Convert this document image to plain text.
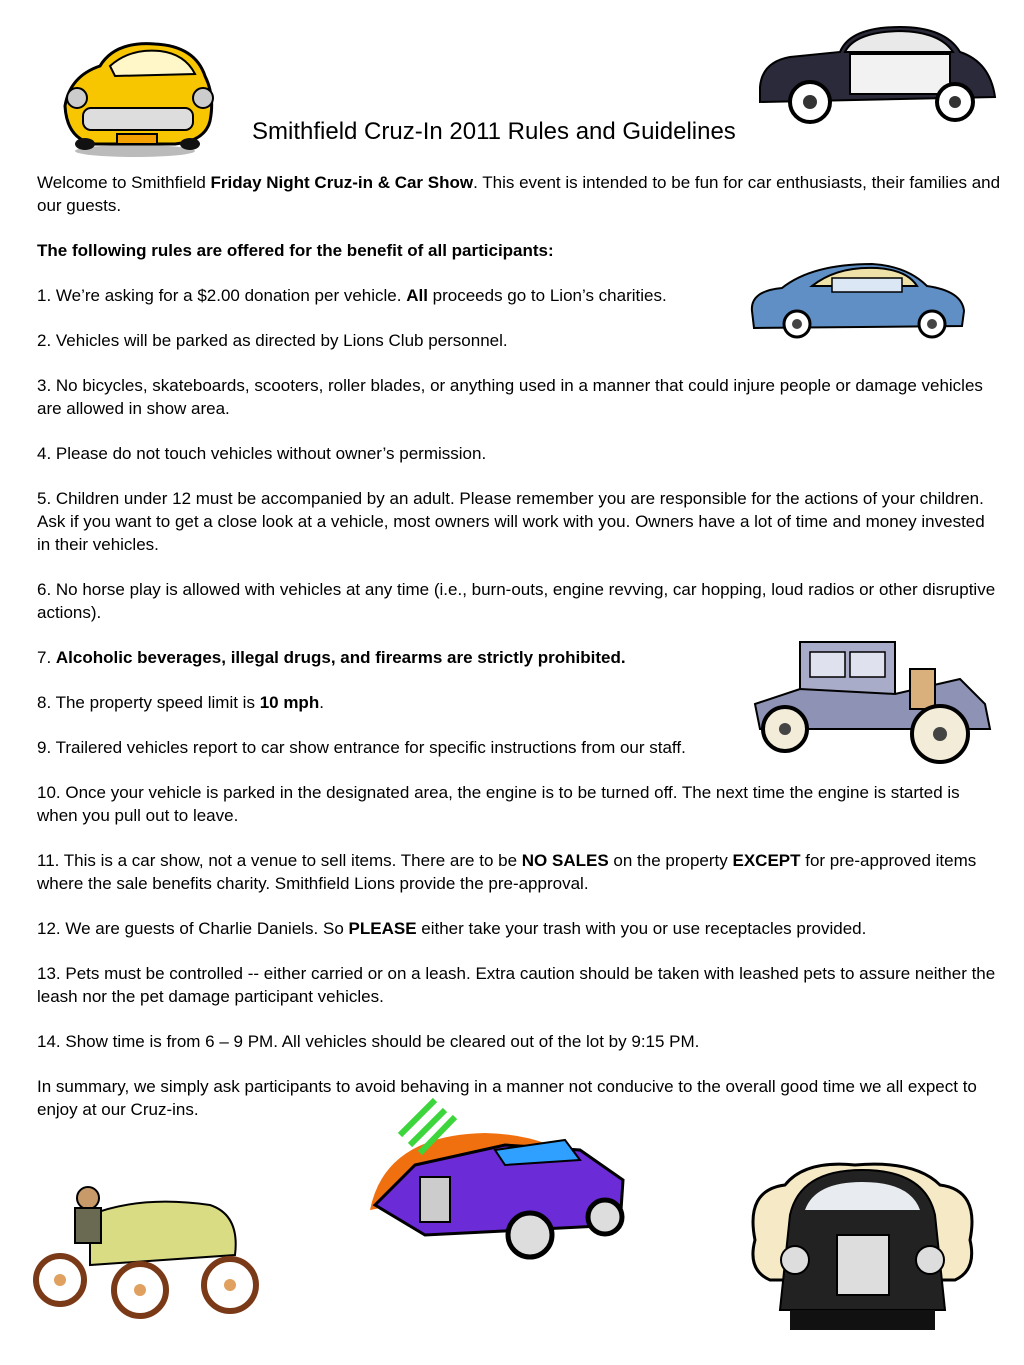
Smithfield Cruz-In 2011 Rules and Guidelines

Welcome to Smithfield Friday Night Cruz-in & Car Show. This event is intended to be fun for car enthusiasts, their families and our guests.

The following rules are offered for the benefit of all participants:

1. We’re asking for a $2.00 donation per vehicle. All proceeds go to Lion’s charities.

2. Vehicles will be parked as directed by Lions Club personnel.

3. No bicycles, skateboards, scooters, roller blades, or anything used in a manner that could injure people or damage vehicles are allowed in show area.

4. Please do not touch vehicles without owner’s permission.

5. Children under 12 must be accompanied by an adult. Please remember you are responsible for the actions of your children. Ask if you want to get a close look at a vehicle, most owners will work with you. Owners have a lot of time and money invested in their vehicles.

6. No horse play is allowed with vehicles at any time (i.e., burn-outs, engine revving, car hopping, loud radios or other disruptive actions).

7. Alcoholic beverages, illegal drugs, and firearms are strictly prohibited.

8. The property speed limit is 10 mph.

9. Trailered vehicles report to car show entrance for specific instructions from our staff.

10. Once your vehicle is parked in the designated area, the engine is to be turned off. The next time the engine is started is when you pull out to leave.

11. This is a car show, not a venue to sell items. There are to be NO SALES on the property EXCEPT for pre-approved items where the sale benefits charity. Smithfield Lions provide the pre-approval.

12. We are guests of Charlie Daniels. So PLEASE either take your trash with you or use receptacles provided.

13. Pets must be controlled -- either carried or on a leash. Extra caution should be taken with leashed pets to assure neither the leash nor the pet damage participant vehicles.

14. Show time is from 6 – 9 PM. All vehicles should be cleared out of the lot by 9:15 PM.

In summary, we simply ask participants to avoid behaving in a manner not conducive to the overall good time we all expect to enjoy at our Cruz-ins.
